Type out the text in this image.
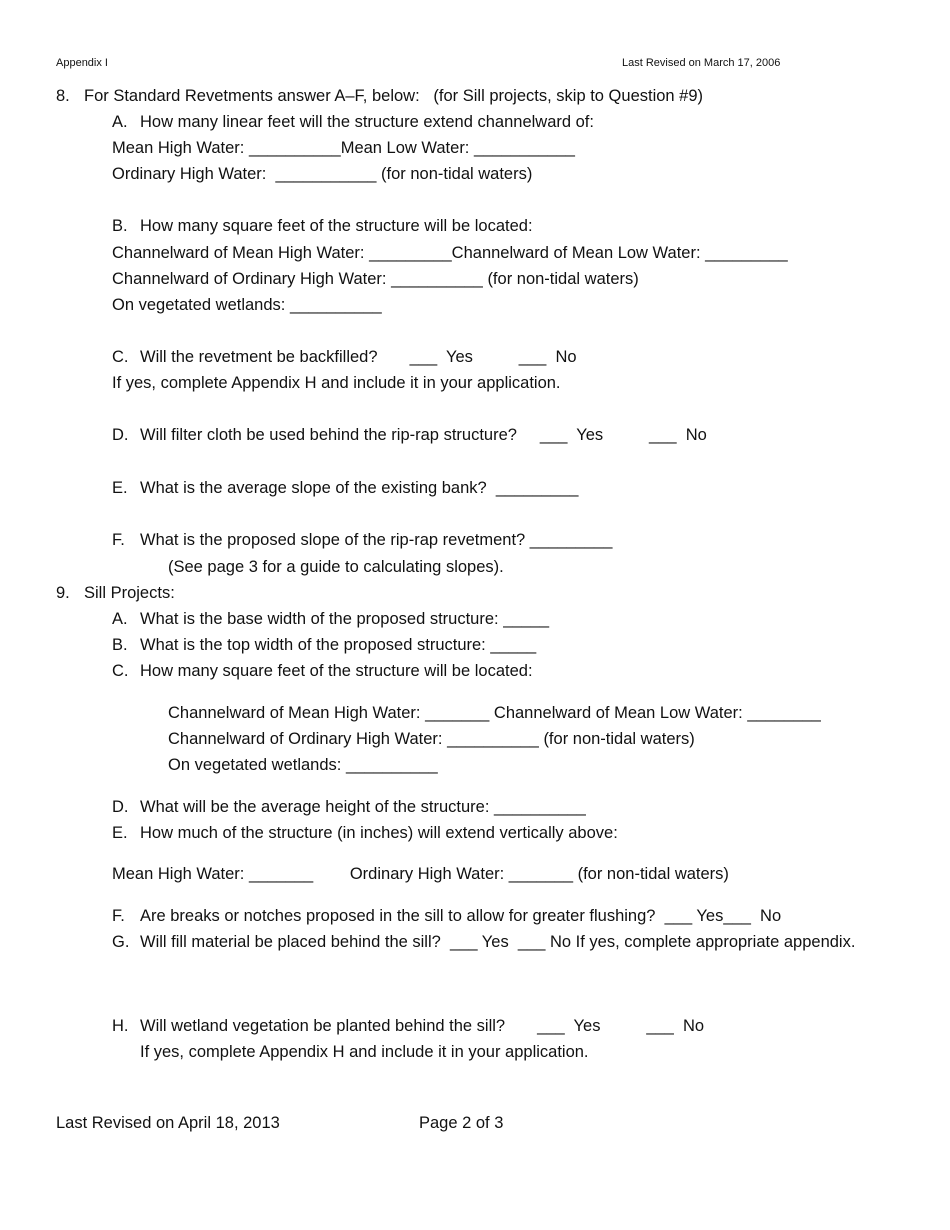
Appendix I	Last Revised on March 17, 2006
8. For Standard Revetments answer A–F, below:   (for Sill projects, skip to Question #9)
A. How many linear feet will the structure extend channelward of:
Mean High Water: __________Mean Low Water: ___________
Ordinary High Water:  ___________ (for non-tidal waters)
B. How many square feet of the structure will be located:
Channelward of Mean High Water: _________Channelward of Mean Low Water: _________
Channelward of Ordinary High Water: __________ (for non-tidal waters)
On vegetated wetlands: __________
C. Will the revetment be backfilled?       ___  Yes          ___  No
If yes, complete Appendix H and include it in your application.
D. Will filter cloth be used behind the rip-rap structure?     ___  Yes          ___  No
E. What is the average slope of the existing bank?  _________
F. What is the proposed slope of the rip-rap revetment? _________
(See page 3 for a guide to calculating slopes).
9. Sill Projects:
A. What is the base width of the proposed structure: _____
B. What is the top width of the proposed structure: _____
C. How many square feet of the structure will be located:
Channelward of Mean High Water: _______ Channelward of Mean Low Water: ________
Channelward of Ordinary High Water: __________ (for non-tidal waters)
On vegetated wetlands: __________
D. What will be the average height of the structure: __________
E. How much of the structure (in inches) will extend vertically above:
Mean High Water: _______        Ordinary High Water: _______ (for non-tidal waters)
F. Are breaks or notches proposed in the sill to allow for greater flushing?  ___ Yes___  No
G. Will fill material be placed behind the sill?  ___ Yes  ___ No If yes, complete appropriate appendix.
H. Will wetland vegetation be planted behind the sill?       ___  Yes          ___  No
If yes, complete Appendix H and include it in your application.
Last Revised on April 18, 2013	Page 2 of 3
